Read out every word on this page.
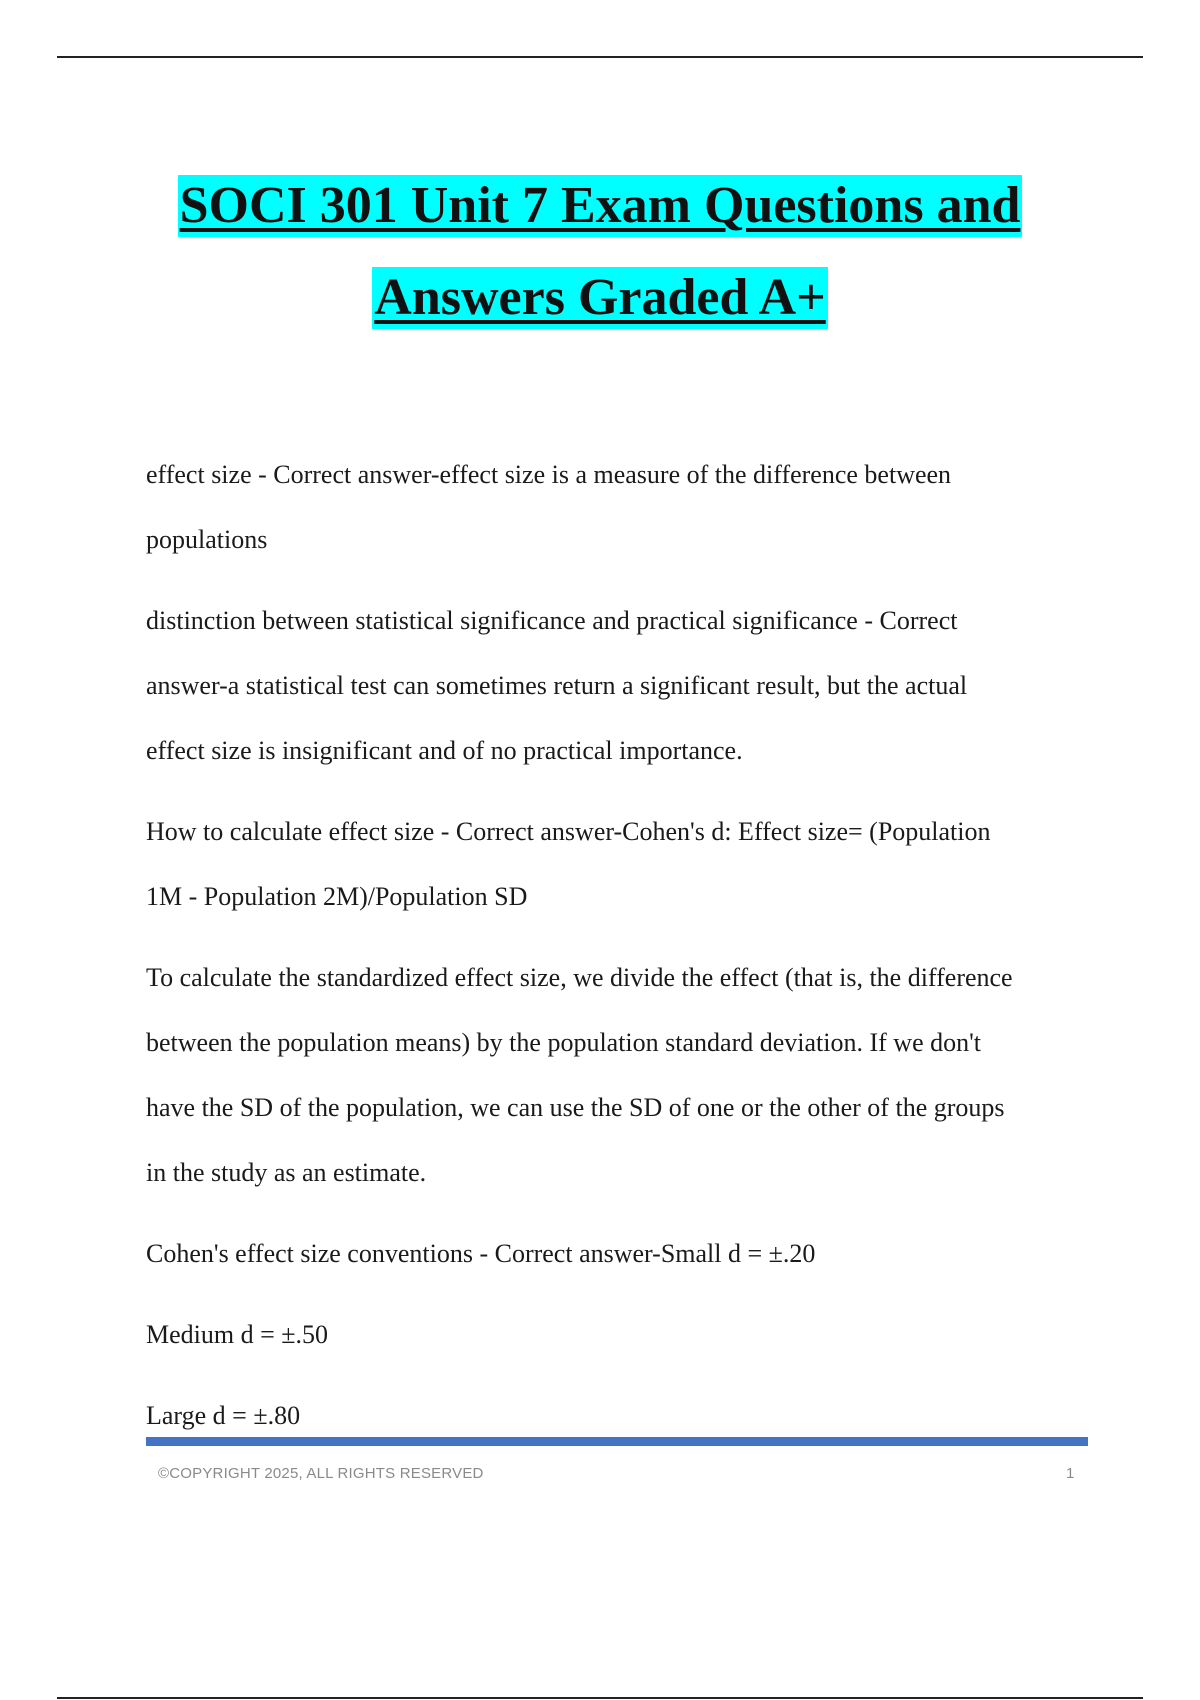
SOCI 301 Unit 7 Exam Questions and
Answers Graded A+

effect size - Correct answer-effect size is a measure of the difference between
populations

distinction between statistical significance and practical significance - Correct
answer-a statistical test can sometimes return a significant result, but the actual
effect size is insignificant and of no practical importance.

How to calculate effect size - Correct answer-Cohen's d: Effect size= (Population
1M - Population 2M)/Population SD

To calculate the standardized effect size, we divide the effect (that is, the difference
between the population means) by the population standard deviation. If we don't
have the SD of the population, we can use the SD of one or the other of the groups
in the study as an estimate.

Cohen's effect size conventions - Correct answer-Small d = ±.20

Medium d = ±.50

Large d = ±.80

©COPYRIGHT 2025, ALL RIGHTS RESERVED	1
